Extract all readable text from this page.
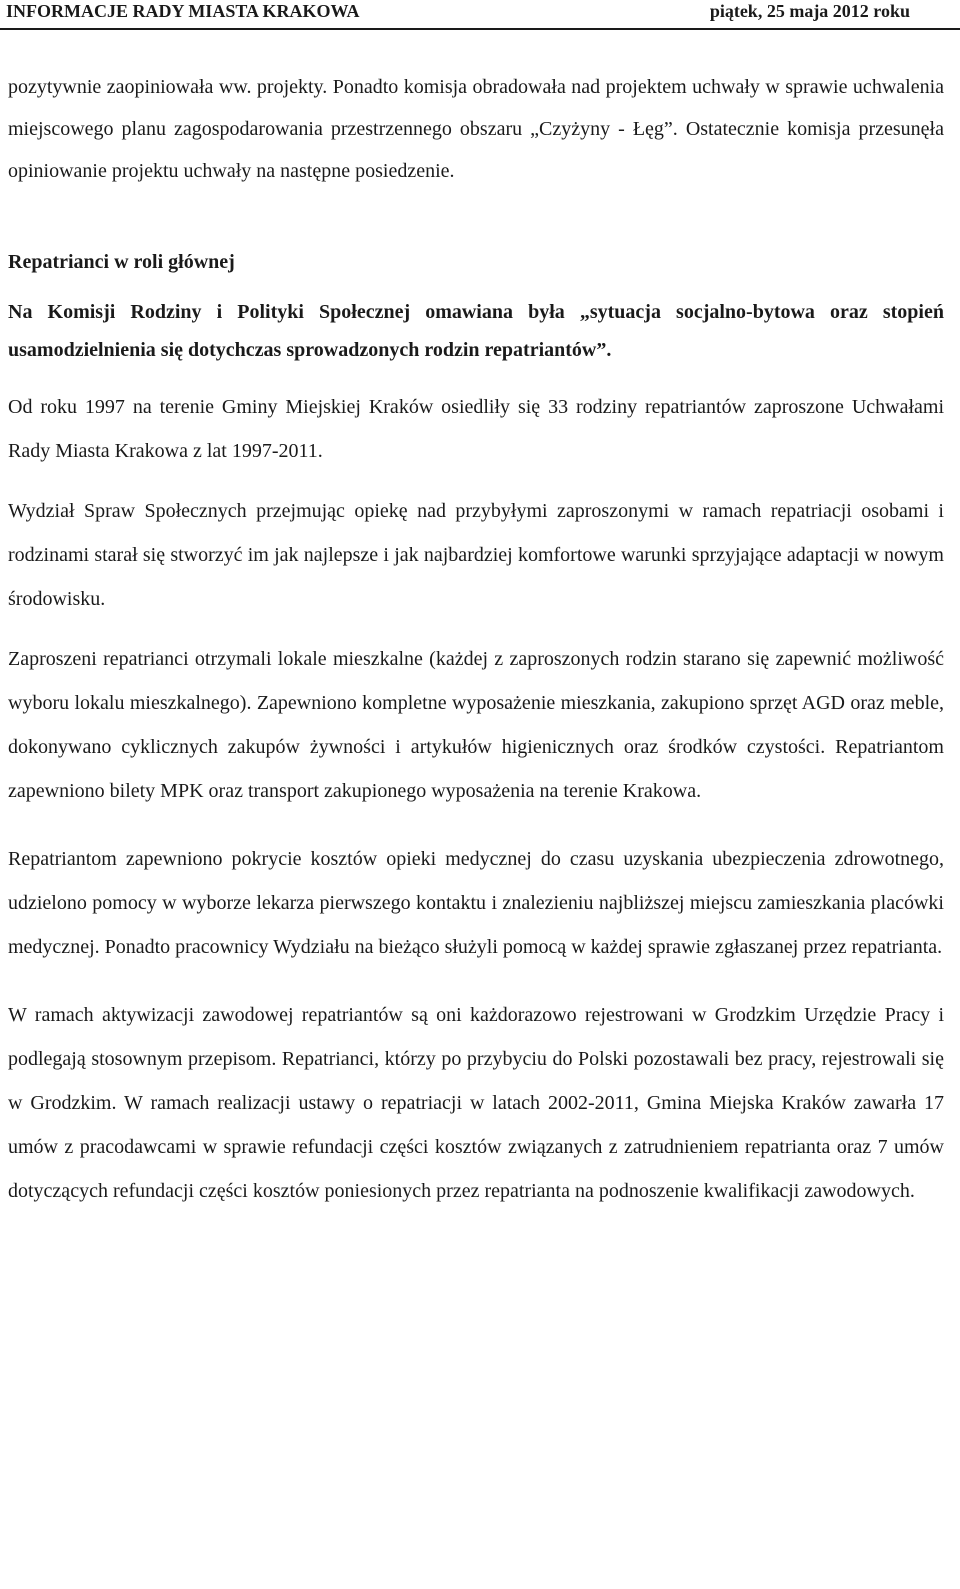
INFORMACJE RADY MIASTA KRAKOWA	piątek, 25 maja 2012 roku

pozytywnie zaopiniowała ww. projekty. Ponadto komisja obradowała nad projektem uchwały w sprawie uchwalenia miejscowego planu zagospodarowania przestrzennego obszaru „Czyżyny - Łęg”. Ostatecznie komisja przesunęła opiniowanie projektu uchwały na następne posiedzenie.

Repatrianci w roli głównej

Na Komisji Rodziny i Polityki Społecznej omawiana była „sytuacja socjalno-bytowa oraz stopień usamodzielnienia się dotychczas sprowadzonych rodzin repatriantów”.

Od roku 1997 na terenie Gminy Miejskiej Kraków osiedliły się 33 rodziny repatriantów zaproszone Uchwałami Rady Miasta Krakowa z lat 1997-2011.

Wydział Spraw Społecznych przejmując opiekę nad przybyłymi zaproszonymi w ramach repatriacji osobami i rodzinami starał się stworzyć im jak najlepsze i jak najbardziej komfortowe warunki sprzyjające adaptacji w nowym środowisku.

Zaproszeni repatrianci otrzymali lokale mieszkalne (każdej z zaproszonych rodzin starano się zapewnić możliwość wyboru lokalu mieszkalnego). Zapewniono kompletne wyposażenie mieszkania, zakupiono sprzęt AGD oraz meble, dokonywano cyklicznych zakupów żywności i artykułów higienicznych oraz środków czystości. Repatriantom zapewniono bilety MPK oraz transport zakupionego wyposażenia na terenie Krakowa.

Repatriantom zapewniono pokrycie kosztów opieki medycznej do czasu uzyskania ubezpieczenia zdrowotnego, udzielono pomocy w wyborze lekarza pierwszego kontaktu i znalezieniu najbliższej miejscu zamieszkania placówki medycznej. Ponadto pracownicy Wydziału na bieżąco służyli pomocą w każdej sprawie zgłaszanej przez repatrianta.

W ramach aktywizacji zawodowej repatriantów są oni każdorazowo rejestrowani w Grodzkim Urzędzie Pracy i podlegają stosownym przepisom. Repatrianci, którzy po przybyciu do Polski pozostawali bez pracy, rejestrowali się w Grodzkim. W ramach realizacji ustawy o repatriacji w latach 2002-2011, Gmina Miejska Kraków zawarła 17 umów z pracodawcami w sprawie refundacji części kosztów związanych z zatrudnieniem repatrianta oraz 7 umów dotyczących refundacji części kosztów poniesionych przez repatrianta na podnoszenie kwalifikacji zawodowych.
